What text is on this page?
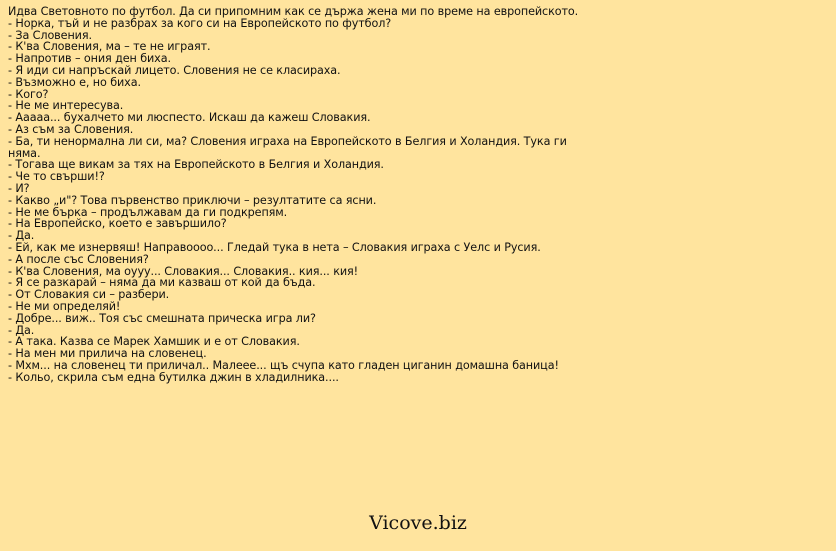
Идва Световното по футбол. Да си припомним как се държа жена ми по време на европейското.
- Норка, тъй и не разбрах за кого си на Европейското по футбол?
- За Словения.
- К'ва Словения, ма – те не играят.
- Напротив – ония ден биха.
- Я иди си напръскай лицето. Словения не се класираха.
- Възможно е, но биха.
- Кого?
- Не ме интересува.
- Ааааа... бухалчето ми люспесто. Искаш да кажеш Словакия.
- Аз съм за Словения.
- Ба, ти ненормална ли си, ма? Словения играха на Европейското в Белгия и Холандия. Тука ги няма.
- Тогава ще викам за тях на Европейското в Белгия и Холандия.
- Че то свърши!?
- И?
- Какво „и"? Това първенство приключи – резултатите са ясни.
- Не ме бърка – продължавам да ги подкрепям.
- На Европейско, което е завършило?
- Да.
- Ей, как ме изнервяш! Направоооо... Гледай тука в нета – Словакия играха с Уелс и Русия.
- А после със Словения?
- К'ва Словения, ма оууу... Словакия... Словакия.. кия... кия!
- Я се разкарай – няма да ми казваш от кой да бъда.
- От Словакия си – разбери.
- Не ми определяй!
- Добре... виж.. Тоя със смешната прическа игра ли?
- Да.
- А така. Казва се Марек Хамшик и е от Словакия.
- На мен ми прилича на словенец.
- Мхм... на словенец ти приличал.. Малеее... щъ счупа като гладен циганин домашна баница!
- Кольо, скрила съм една бутилка джин в хладилника....
Vicove.biz
